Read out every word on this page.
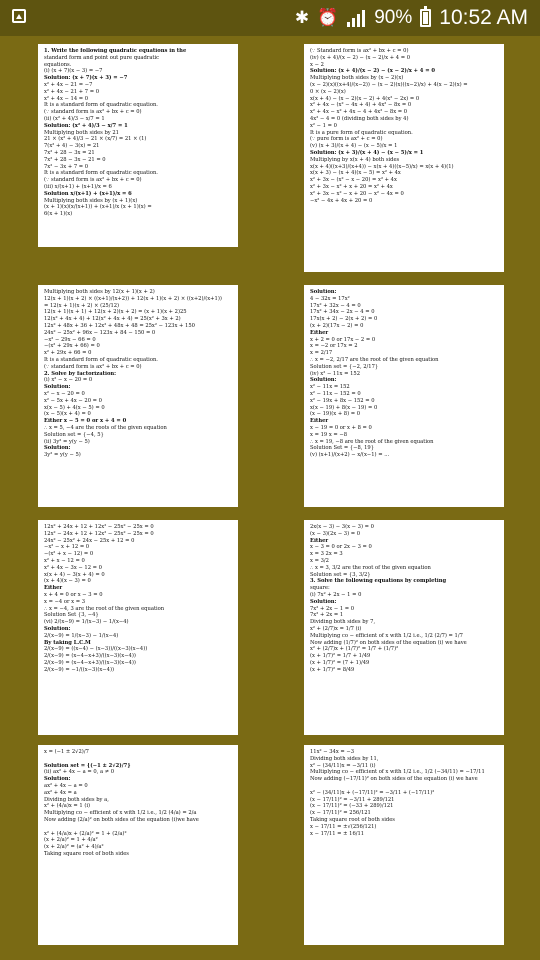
✱ ⏰ 90% 10:52 AM
1. Write the following quadratic equations in the
standard form and point out pure quadratic
equations.
(i) (x + 7)(x − 3) = −7
Solution: (x + 7)(x + 3) = −7
x² + 4x − 21 = −7
x² + 4x − 21 + 7 = 0
x² + 4x − 14 = 0
It is a standard form of quadratic equation.
(∵ standard form is ax² + bx + c = 0)
(ii) (x² + 4)/3 − x/7 = 1
Solution: (x² + 4)/3 − x/7 = 1
Multiplying both sides by 21
21 × (x² + 4)/3 − 21 × (x/7) = 21 × (1)
7(x² + 4) − 3(x) = 21
7x² + 28 − 3x = 21
7x² + 28 − 3x − 21 = 0
7x² − 3x + 7 = 0
It is a standard form of quadratic equation.
(∵ standard form is ax² + bx + c = 0)
(iii) x/(x+1) + (x+1)/x = 6
Solution x/(x+1) + (x+1)/x = 6
Multiplying both sides by (x + 1)(x)
(x + 1)(x)(x/(x+1)) + (x+1)/x (x + 1)(x) =
6(x + 1)(x)
(∵ Standard form is ax² + bx + c = 0)
(iv) (x + 4)/(x − 2) − (x − 2)/x + 4 = 0
x − 2
Solution: (x + 4)/(x − 2) − (x − 2)/x + 4 = 0
Multiplying both sides by (x − 2)(x)
(x − 2)(x)((x+4)/(x−2)) − (x − 2)(x)((x−2)/x) + 4(x − 2)(x) =
0 × (x − 2)(x)
x(x + 4) − (x − 2)(x − 2) + 4(x² − 2x) = 0
x² + 4x − (x² − 4x + 4) + 4x² − 8x = 0
x² + 4x − x² + 4x − 4 + 4x² − 8x = 0
4x² − 4 = 0 (dividing both sides by 4)
x² − 1 = 0
It is a pure form of quadratic equation.
(∵ pure form is ax² + c = 0)
(v) (x + 3)/(x + 4) − (x − 5)/x = 1
Solution: (x + 3)/(x + 4) − (x − 5)/x = 1
Multiplying by x(x + 4) both sides
x(x + 4)((x+3)/(x+4)) − x(x + 4)((x−5)/x) = x(x + 4)(1)
x(x + 3) − (x + 4)(x − 5) = x² + 4x
x² + 3x − (x² − x − 20) = x² + 4x
x² + 3x − x² + x + 20 = x² + 4x
x² + 3x − x² − x + 20 − x² − 4x = 0
−x² − 4x + 4x + 20 = 0
Multiplying both sides by 12(x + 1)(x + 2)
12(x + 1)(x + 2) × ((x+1)/(x+2)) + 12(x + 1)(x + 2) × ((x+2)/(x+1))
= 12(x + 1)(x + 2) × (25/12)
12(x + 1)(x + 1) + 12(x + 2)(x + 2) = (x + 1)(x + 2)25
12(x² + 4x + 4) + 12(x² + 4x + 4) = 25(x² + 3x + 2)
12x² + 48x + 36 + 12x² + 48x + 48 = 25x² − 123x + 150
24x² − 25x² + 96x − 123x + 84 − 150 = 0
−x² − 29x − 66 = 0
−(x² + 29x + 66) = 0
x² + 29x + 66 = 0
It is a standard form of quadratic equation.
(∵ standard form is ax² + bx + c = 0)
2. Solve by factorization:
(i) x² − x − 20 = 0
Solution:
x² − x − 20 = 0
x² − 5x + 4x − 20 = 0
x(x − 5) + 4(x − 5) = 0
(x − 5)(x + 4) = 0
Either x − 5 = 0 or x + 4 = 0
∴ x = 5, −4 are the roots of the given equation
Solution set = {−4, 5}
(ii) 3y² = y(y − 5)
Solution:
3y² = y(y − 5)
Solution:
4 − 32x = 17x²
17x² + 32x − 4 = 0
17x² + 34x − 2x − 4 = 0
17x(x + 2) − 2(x + 2) = 0
(x + 2)(17x − 2) = 0
Either
x + 2 = 0 or 17x − 2 = 0
x = −2 or 17x = 2
x = 2/17
∴ x = −2, 2/17 are the root of the given equation
Solution set = {−2, 2/17}
(iv) x² − 11x = 152
Solution:
x² − 11x = 152
x² − 11x − 152 = 0
x² − 19x + 8x − 152 = 0
x(x − 19) + 8(x − 19) = 0
(x − 19)(x + 8) = 0
Either
x − 19 = 0 or x + 8 = 0
x = 19 x = −8
∴ x = 19, −8 are the root of the given equation
Solution Set = {−8, 19}
(v) (x+1)/(x+2) − x/(x−1) = ...
12x² + 24x + 12 + 12x² − 25x² − 25x = 0
12x² − 24x + 12 + 12x² − 25x² − 25x = 0
24x² − 25x² + 24x − 25x + 12 = 0
−x² − x + 12 = 0
−(x² + x − 12) = 0
x² + x − 12 = 0
x² + 4x − 3x − 12 = 0
x(x + 4) − 3(x + 4) = 0
(x + 4)(x − 3) = 0
Either
x + 4 = 0 or x − 3 = 0
x = −4 or x = 3
∴ x = −4, 3 are the root of the given equation
Solution Set {3, −4}
(vi) 2/(x−9) = 1/(x−3) − 1/(x−4)
Solution:
2/(x−9) = 1/(x−3) − 1/(x−4)
By taking L.C.M
2/(x−9) = ((x−4) − (x−3))/((x−3)(x−4))
2/(x−9) = (x−4−x+3)/((x−3)(x−4))
2/(x−9) = (x−4−x+3)/((x−3)(x−4))
2/(x−9) = −1/((x−3)(x−4))
2x(x − 3) − 3(x − 3) = 0
(x − 3)(2x − 3) = 0
Either
x − 3 = 0 or 2x − 3 = 0
x = 3 2x = 3
x = 3/2
∴ x = 3, 3/2 are the root of the given equation
Solution set = {3, 3/2}
3. Solve the following equations by completing
square:
(i) 7x² + 2x − 1 = 0
Solution:
7x² + 2x − 1 = 0
7x² + 2x = 1
Dividing both sides by 7,
x² + (2/7)x = 1/7 (i)
Multiplying co − efficient of x with 1/2 i.e., 1/2 (2/7) = 1/7
Now adding (1/7)² on both sides of the equation (i) we have
x² + (2/7)x + (1/7)² = 1/7 + (1/7)²
(x + 1/7)² = 1/7 + 1/49
(x + 1/7)² = (7 + 1)/49
(x + 1/7)² = 8/49
x = (−1 ± 2√2)/7
Solution set = {(−1 ± 2√2)/7}
(ii) ax² + 4x − a = 0, a ≠ 0
Solution:
ax² + 4x − a = 0
ax² + 4x = a
Dividing both sides by a,
x² + (4/a)x = 1 (i)
Multiplying co − efficient of x with 1/2 i.e., 1/2 (4/a) = 2/a
Now adding (2/a)² on both sides of the equation (i)we have
x² + (4/a)x + (2/a)² = 1 + (2/a)²
(x + 2/a)² = 1 + 4/a²
(x + 2/a)² = (a² + 4)/a²
Taking square root of both sides
11x² − 34x = −3
Dividing both sides by 11,
x² − (34/11)x = −3/11 (i)
Multiplying co − efficient of x with 1/2 i.e., 1/2 (−34/11) = −17/11
Now adding (−17/11)² on both sides of the equation (i) we have
x² − (34/11)x + (−17/11)² = −3/11 + (−17/11)²
(x − 17/11)² = −3/11 + 289/121
(x − 17/11)² = (−33 + 289)/121
(x − 17/11)² = 256/121
Taking square root of both sides
x − 17/11 = ±√(256/121)
x − 17/11 = ± 16/11
